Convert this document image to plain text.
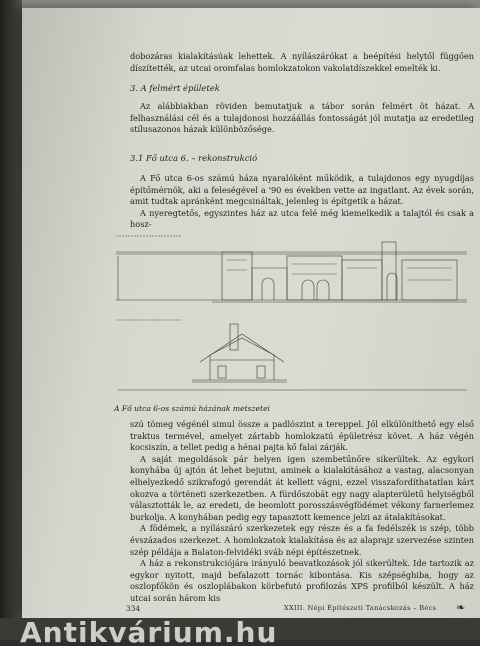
dobozáras kialakításúak lehettek. A nyílászárókat a beépítési helytől függően díszítették, az utcai oromfalas homlokzatokon vakolatdíszekkel emelték ki.

3. A felmért épületek

Az alábbiakban röviden bemutatjuk a tábor során felmért öt házat. A felhasználási cél és a tulajdonosi hozzáállás fontosságát jól mutatja az eredetileg stílusazonos házak különbözősége.

3.1 Fő utca 6. – rekonstrukció

A Fő utca 6-os számú háza nyaralóként működik, a tulajdonos egy nyugdíjas építőmérnök, aki a feleségével a '90 es években vette az ingatlant. Az évek során, amit tudtak apránként megcsináltak, jelenleg is építgetik a házat.

A nyeregtetős, egyszintes ház az utca felé még kiemelkedik a talajtól és csak a hosz-

A Fő utca 6-os számú házának metszetei

szú tömeg végénél simul össze a padlószint a tereppel. Jól elkülöníthető egy első traktus termével, amelyet zártabb homlokzatú épületrész követ. A ház végén kocsiszín, a tellet pedig a hénai pajta kő falai zárják.

A saját megoldások pár helyen igen szembetűnőre sikerültek. Az egykori konyhába új ajtón át lehet bejutni, aminek a kialakításához a vastag, alacsonyan elhelyezkedő szikrafogó gerendát át kellett vágni, ezzel visszafordíthatatlan kárt okozva a történeti szerkezetben. A fürdőszobát egy nagy alapterületű helyiségből választották le, az eredeti, de beomlott porosszásvégfödémet vékony farnerlemez burkolja. A konyhában pedig egy tapasztott kemence jelzi az átalakításokat.

A födémek, a nyílászáró szerkezetek egy része és a fa fedélszék is szép, több évszázados szerkezet. A homlokzatok kialakítása és az alaprajz szervezése szinten szép példája a Balaton-felvidéki sváb népi építészetnek.

A ház a rekonstrukciójára irányuló beavatkozások jól sikerültek. Ide tartozik az egykor nyitott, majd befalazott tornác kibontása. Kis szépséghiba, hogy az oszlopfőkön és oszloplábakon körbefutó profilozás XPS profilból készült. A ház utcai során három kis

334	XXIII. Népi Építészeti Tanácskozás – Bécs	❧
Antikvárium.hu
